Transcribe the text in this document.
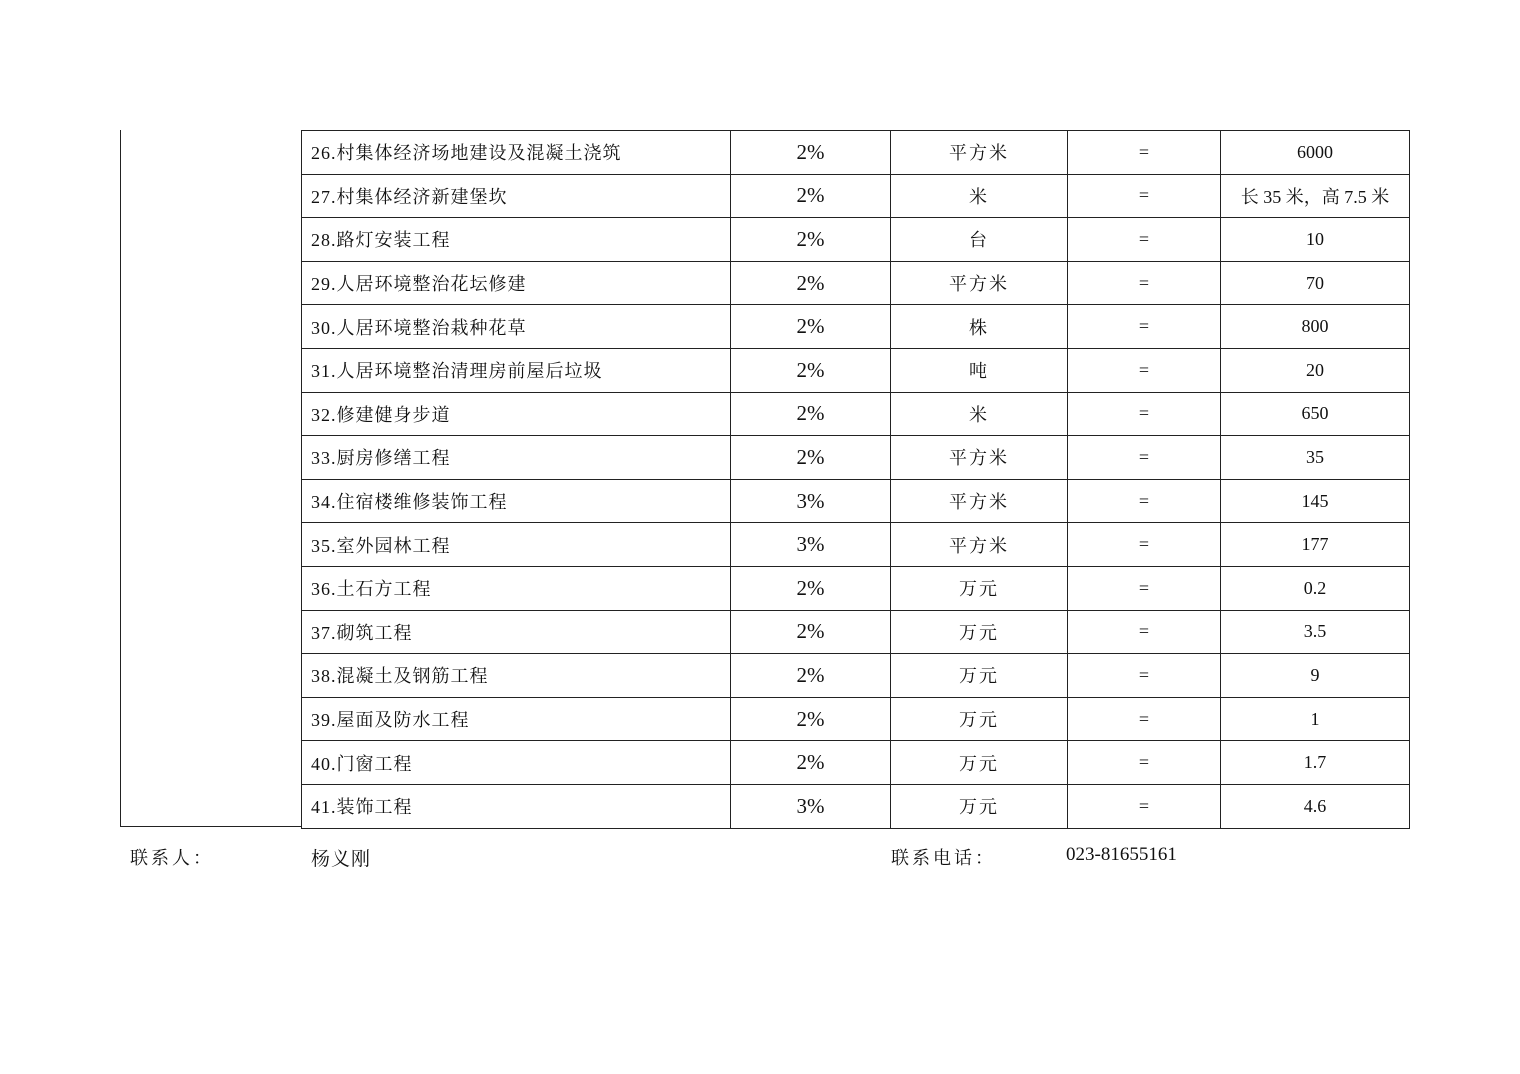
26.村集体经济场地建设及混凝土浇筑	2%	平方米	=	6000
27.村集体经济新建堡坎	2%	米	=	长 35 米，高 7.5 米
28.路灯安装工程	2%	台	=	10
29.人居环境整治花坛修建	2%	平方米	=	70
30.人居环境整治栽种花草	2%	株	=	800
31.人居环境整治清理房前屋后垃圾	2%	吨	=	20
32.修建健身步道	2%	米	=	650
33.厨房修缮工程	2%	平方米	=	35
34.住宿楼维修装饰工程	3%	平方米	=	145
35.室外园林工程	3%	平方米	=	177
36.土石方工程	2%	万元	=	0.2
37.砌筑工程	2%	万元	=	3.5
38.混凝土及钢筋工程	2%	万元	=	9
39.屋面及防水工程	2%	万元	=	1
40.门窗工程	2%	万元	=	1.7
41.装饰工程	3%	万元	=	4.6
联系人：	杨义刚	联系电话：	023-81655161
